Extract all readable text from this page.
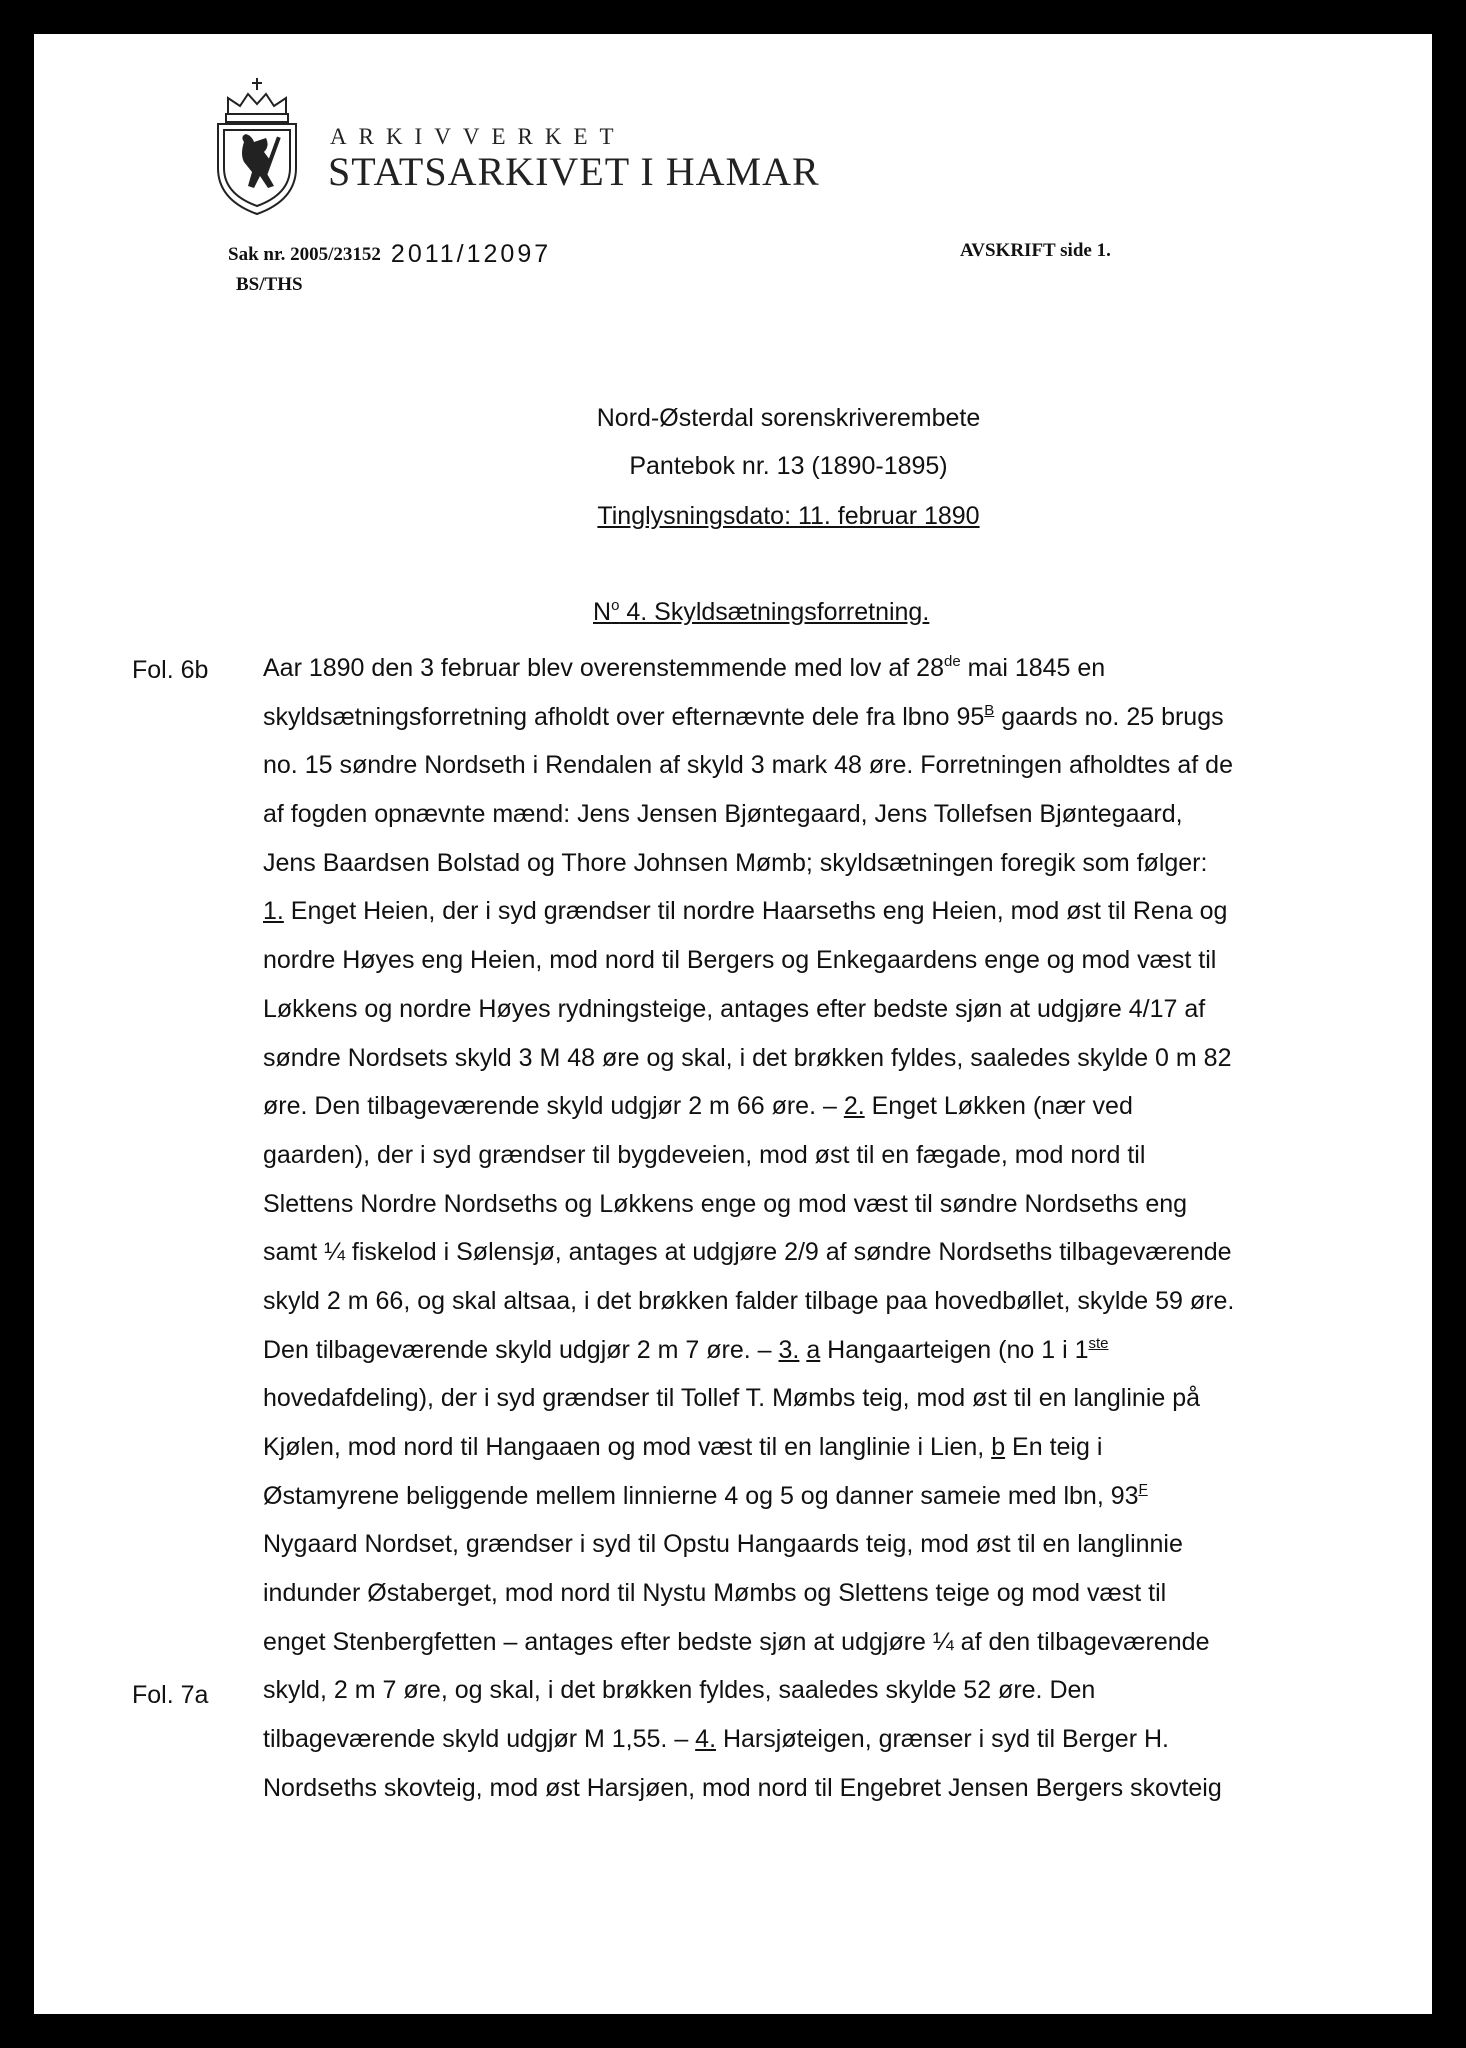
ARKIVVERKET
STATSARKIVET I HAMAR
Sak nr. 2005/23152 2011/12097
BS/THS
AVSKRIFT side 1.
Nord-Østerdal sorenskriverembete
Pantebok nr. 13 (1890-1895)
Tinglysningsdato: 11. februar 1890
$N^o$ 4. Skyldsætningsforretning.
Fol. 6b
Fol. 7a

Aar 1890 den 3 februar blev overenstemmende med lov af 28de mai 1845 en

skyldsætningsforretning afholdt over efternævnte dele fra lbno $95^B$ gaards no. 25 brugs

no. 15 søndre Nordseth i Rendalen af skyld 3 mark 48 øre. Forretningen afholdtes af de

af fogden opnævnte mænd: Jens Jensen Bjøntegaard, Jens Tollefsen Bjøntegaard,

Jens Baardsen Bolstad og Thore Johnsen Mømb; skyldsætningen foregik som følger:

1. Enget Heien, der i syd grændser til nordre Haarseths eng Heien, mod øst til Rena og

nordre Høyes eng Heien, mod nord til Bergers og Enkegaardens enge og mod væst til

Løkkens og nordre Høyes rydningsteige, antages efter bedste sjøn at udgjøre 4/17 af

søndre Nordsets skyld 3 M 48 øre og skal, i det brøkken fyldes, saaledes skylde 0 m 82

øre. Den tilbageværende skyld udgjør 2 m 66 øre. – 2. Enget Løkken (nær ved

gaarden), der i syd grændser til bygdeveien, mod øst til en fægade, mod nord til

Slettens Nordre Nordseths og Løkkens enge og mod væst til søndre Nordseths eng

samt ¼ fiskelod i Sølensjø, antages at udgjøre 2/9 af søndre Nordseths tilbageværende

skyld 2 m 66, og skal altsaa, i det brøkken falder tilbage paa hovedbøllet, skylde 59 øre.

Den tilbageværende skyld udgjør 2 m 7 øre. – 3. a Hangaarteigen (no 1 i 1ste

hovedafdeling), der i syd grændser til Tollef T. Mømbs teig, mod øst til en langlinie på

Kjølen, mod nord til Hangaaen og mod væst til en langlinie i Lien, b En teig i

Østamyrene beliggende mellem linnierne 4 og 5 og danner sameie med lbn, $93^F$

Nygaard Nordset, grændser i syd til Opstu Hangaards teig, mod øst til en langlinnie

indunder Østaberget, mod nord til Nystu Mømbs og Slettens teige og mod væst til

enget Stenbergfetten – antages efter bedste sjøn at udgjøre ¼ af den tilbageværende

skyld, 2 m 7 øre, og skal, i det brøkken fyldes, saaledes skylde 52 øre. Den

tilbageværende skyld udgjør M 1,55. – 4. Harsjøteigen, grænser i syd til Berger H.

Nordseths skovteig, mod øst Harsjøen, mod nord til Engebret Jensen Bergers skovteig
